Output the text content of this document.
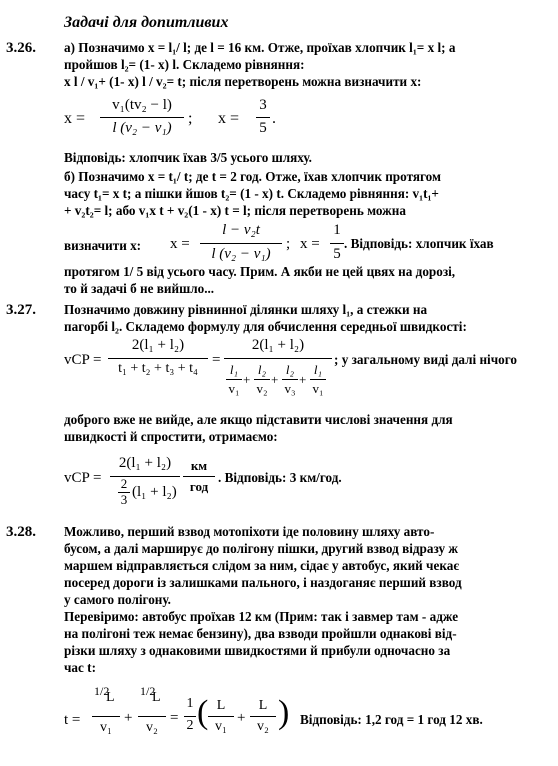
Задачі для допитливих
3.26. а) Позначимо x = l₁/ l; де l = 16 км. Отже, проїхав хлопчик l₁= x l; а
пройшов l₂= (1- x) l. Складемо рівняння:
x l / v₁+ (1- x) l / v₂= t; після перетворень можна визначити x:
x =
v₁(tv₂ − l)
l (v₂ − v₁)
; x =
3
5
.
Відповідь: хлопчик їхав 3/5 усього шляху.
б) Позначимо x = t₁/ t; де t = 2 год. Отже, їхав хлопчик протягом
часу t₁= x t; а пішки йшов t₂= (1 - x) t. Складемо рівняння: v₁t₁+
+ v₂t₂= l; або v₁x t + v₂(1 - x) t = l; після перетворень можна
визначити x: x =
l − v₂t
l (v₂ − v₁)
; x =
1
5
. Відповідь: хлопчик їхав
протягом 1/ 5 від усього часу. Прим. А якби не цей цвях на дорозі,
то й задачі б не вийшло...
3.27. Позначимо довжину рівнинної ділянки шляху l₁, а стежки на
пагорбі l₂. Складемо формулу для обчислення середньої швидкості:
vCP =
2(l₁ + l₂)
t₁ + t₂ + t₃ + t₄
=
2(l₁ + l₂)
l₁
v₁
+
l₂
v₂
+
l₂
v₃
+
l₁
v₁
; у загальному виді далі нічого
доброго вже не вийде, але якщо підставити числові значення для
швидкості й спростити, отримаємо:
vCP =
2(l₁ + l₂)
2
3 (l₁ + l₂)
км
год
. Відповідь: 3 км/год.
3.28. Можливо, перший взвод мотопіхоти іде половину шляху авто-
бусом, а далі марширує до полігону пішки, другий взвод відразу ж
маршем відправляється слідом за ним, сідає у автобус, який чекає
посеред дороги із залишками пального, і наздоганяє перший взвод
у самого полігону.
Перевіримо: автобус проїхав 12 км (Прим: так і завмер там - адже
на полігоні теж немає бензину), два взводи пройшли однакові від-
різки шляху з однаковими швидкостями й прибули одночасно за
час t:
t =
1/2
L
v₁
+
1/2
L
v₂
=
1
2 ( L
v₁
+
L
v₂ ) Відповідь: 1,2 год = 1 год 12 хв.
